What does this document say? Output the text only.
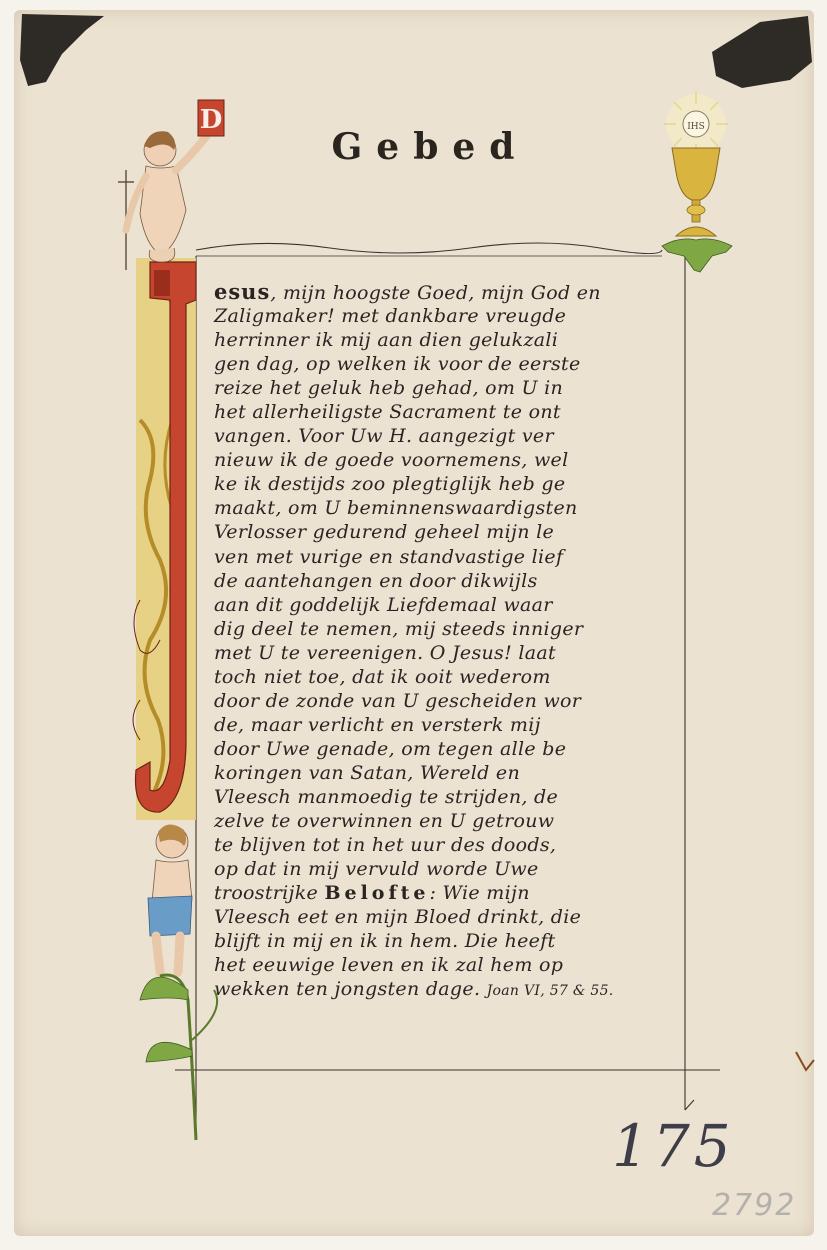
IHS
D
Gebed
esus, mijn hoogste Goed, mijn God en
Zaligmaker! met dankbare vreugde
herrinner ik mij aan dien gelukzali
gen dag, op welken ik voor de eerste
reize het geluk heb gehad, om U in
het allerheiligste Sacrament te ont
vangen. Voor Uw H. aangezigt ver
nieuw ik de goede voornemens, wel
ke ik destijds zoo plegtiglijk heb ge
maakt, om U beminnenswaardigsten
Verlosser gedurend geheel mijn le
ven met vurige en standvastige lief
de aantehangen en door dikwijls
aan dit goddelijk Liefdemaal waar
dig deel te nemen, mij steeds inniger
met U te vereenigen. O Jesus! laat
toch niet toe, dat ik ooit wederom
door de zonde van U gescheiden wor
de, maar verlicht en versterk mij
door Uwe genade, om tegen alle be
koringen van Satan, Wereld en
Vleesch manmoedig te strijden, de
zelve te overwinnen en U getrouw
te blijven tot in het uur des doods,
op dat in mij vervuld worde Uwe
troostrijke Belofte: Wie mijn
Vleesch eet en mijn Bloed drinkt, die
blijft in mij en ik in hem. Die heeft
het eeuwige leven en ik zal hem op
wekken ten jongsten dage. Joan VI, 57 & 55.
175
2792
